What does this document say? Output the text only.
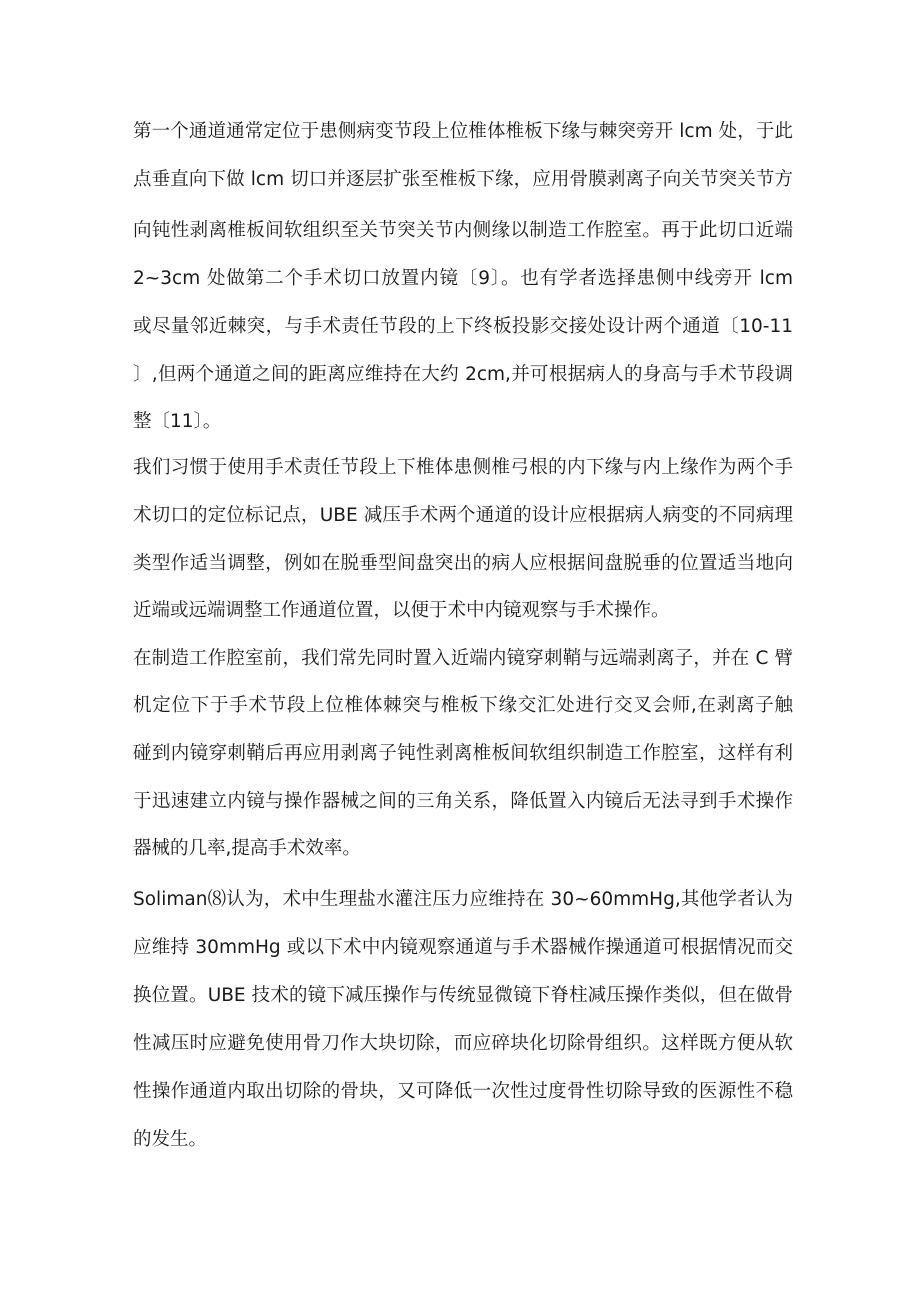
第一个通道通常定位于患侧病变节段上位椎体椎板下缘与棘突旁开 lcm 处，于此
点垂直向下做 lcm 切口并逐层扩张至椎板下缘，应用骨膜剥离子向关节突关节方
向钝性剥离椎板间软组织至关节突关节内侧缘以制造工作腔室。再于此切口近端
2~3cm 处做第二个手术切口放置内镜〔9〕。也有学者选择患侧中线旁开 lcm
或尽量邻近棘突，与手术责任节段的上下终板投影交接处设计两个通道〔10-11
〕,但两个通道之间的距离应维持在大约 2cm,并可根据病人的身高与手术节段调
整〔11〕。
我们习惯于使用手术责任节段上下椎体患侧椎弓根的内下缘与内上缘作为两个手
术切口的定位标记点，UBE 减压手术两个通道的设计应根据病人病变的不同病理
类型作适当调整，例如在脱垂型间盘突出的病人应根据间盘脱垂的位置适当地向
近端或远端调整工作通道位置，以便于术中内镜观察与手术操作。
在制造工作腔室前，我们常先同时置入近端内镜穿刺鞘与远端剥离子，并在 C 臂
机定位下于手术节段上位椎体棘突与椎板下缘交汇处进行交叉会师,在剥离子触
碰到内镜穿刺鞘后再应用剥离子钝性剥离椎板间软组织制造工作腔室，这样有利
于迅速建立内镜与操作器械之间的三角关系，降低置入内镜后无法寻到手术操作
器械的几率,提高手术效率。
Soliman⑻认为，术中生理盐水灌注压力应维持在 30~60mmHg,其他学者认为
应维持 30mmHg 或以下术中内镜观察通道与手术器械作操通道可根据情况而交
换位置。UBE 技术的镜下减压操作与传统显微镜下脊柱减压操作类似，但在做骨
性减压时应避免使用骨刀作大块切除，而应碎块化切除骨组织。这样既方便从软
性操作通道内取出切除的骨块，又可降低一次性过度骨性切除导致的医源性不稳
的发生。
